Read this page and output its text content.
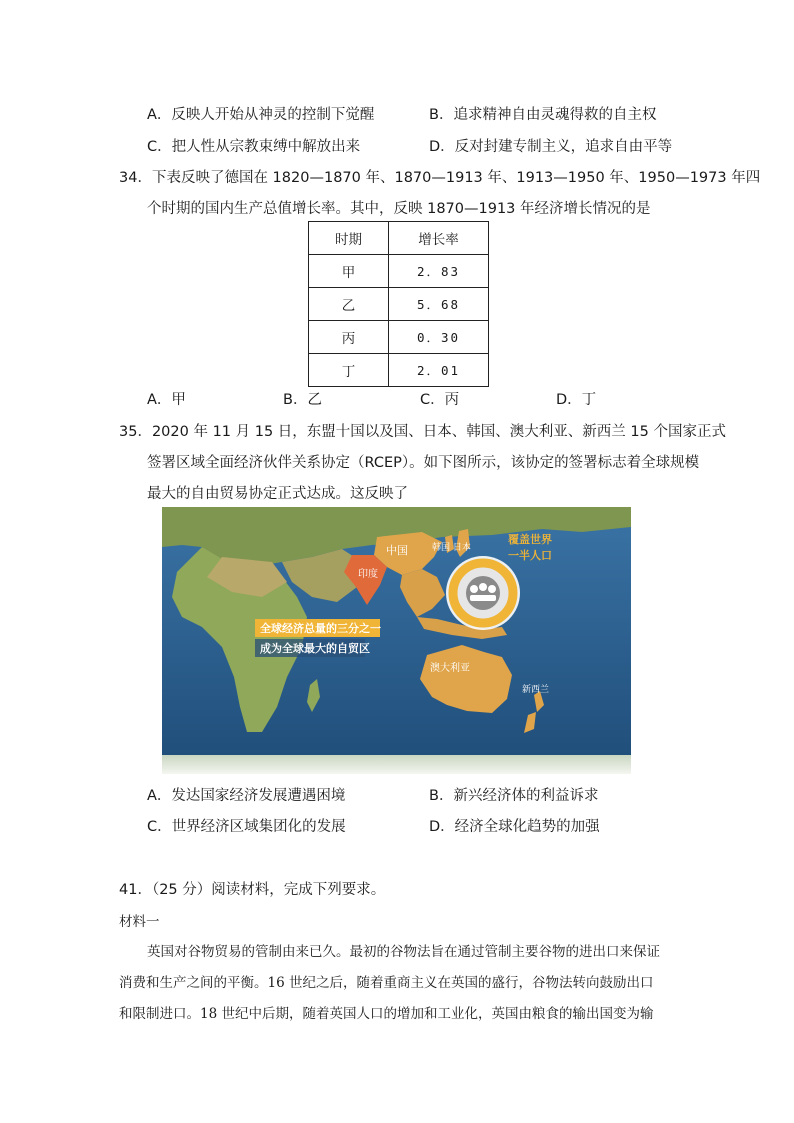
A．反映人开始从神灵的控制下觉醒	B．追求精神自由灵魂得救的自主权
C．把人性从宗教束缚中解放出来	D．反对封建专制主义，追求自由平等
34．下表反映了德国在 1820—1870 年、1870—1913 年、1913—1950 年、1950—1973 年四
个时期的国内生产总值增长率。其中，反映 1870—1913 年经济增长情况的是
时期	增长率
甲	2．83
乙	5．68
丙	0．30
丁	2．01
A．甲	B．乙	C．丙	D．丁
35．2020 年 11 月 15 日，东盟十国以及国、日本、韩国、澳大利亚、新西兰 15 个国家正式
签署区域全面经济伙伴关系协定（RCEP）。如下图所示，该协定的签署标志着全球规模
最大的自由贸易协定正式达成。这反映了
中国	韩国 日本
印度
覆盖世界
一半人口
全球经济总量的三分之一
成为全球最大的自贸区
澳大利亚
新西兰
A．发达国家经济发展遭遇困境	B．新兴经济体的利益诉求
C．世界经济区域集团化的发展	D．经济全球化趋势的加强
41．（25 分）阅读材料，完成下列要求。
材料一
英国对谷物贸易的管制由来已久。最初的谷物法旨在通过管制主要谷物的进出口来保证
消费和生产之间的平衡。16 世纪之后，随着重商主义在英国的盛行，谷物法转向鼓励出口
和限制进口。18 世纪中后期，随着英国人口的增加和工业化，英国由粮食的输出国变为输
